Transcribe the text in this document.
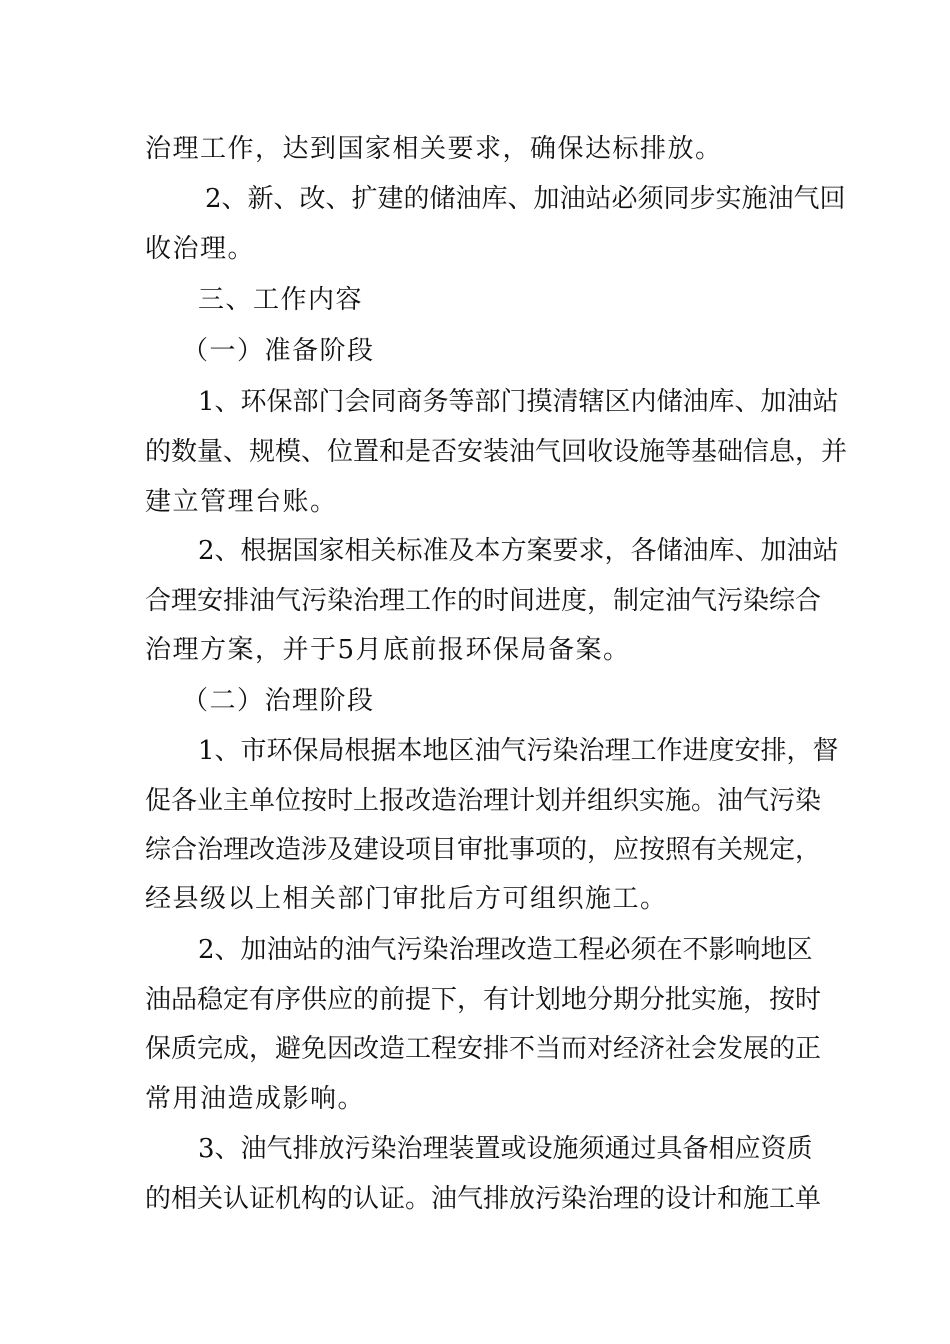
治理工作，达到国家相关要求，确保达标排放。
2、新、改、扩建的储油库、加油站必须同步实施油气回
收治理。
三、工作内容
（一）准备阶段
1、环保部门会同商务等部门摸清辖区内储油库、加油站
的数量、规模、位置和是否安装油气回收设施等基础信息，并
建立管理台账。
2、根据国家相关标准及本方案要求，各储油库、加油站
合理安排油气污染治理工作的时间进度，制定油气污染综合
治理方案，并于5月底前报环保局备案。
（二）治理阶段
1、市环保局根据本地区油气污染治理工作进度安排，督
促各业主单位按时上报改造治理计划并组织实施。油气污染
综合治理改造涉及建设项目审批事项的，应按照有关规定，
经县级以上相关部门审批后方可组织施工。
2、加油站的油气污染治理改造工程必须在不影响地区
油品稳定有序供应的前提下，有计划地分期分批实施，按时
保质完成，避免因改造工程安排不当而对经济社会发展的正
常用油造成影响。
3、油气排放污染治理装置或设施须通过具备相应资质
的相关认证机构的认证。油气排放污染治理的设计和施工单
